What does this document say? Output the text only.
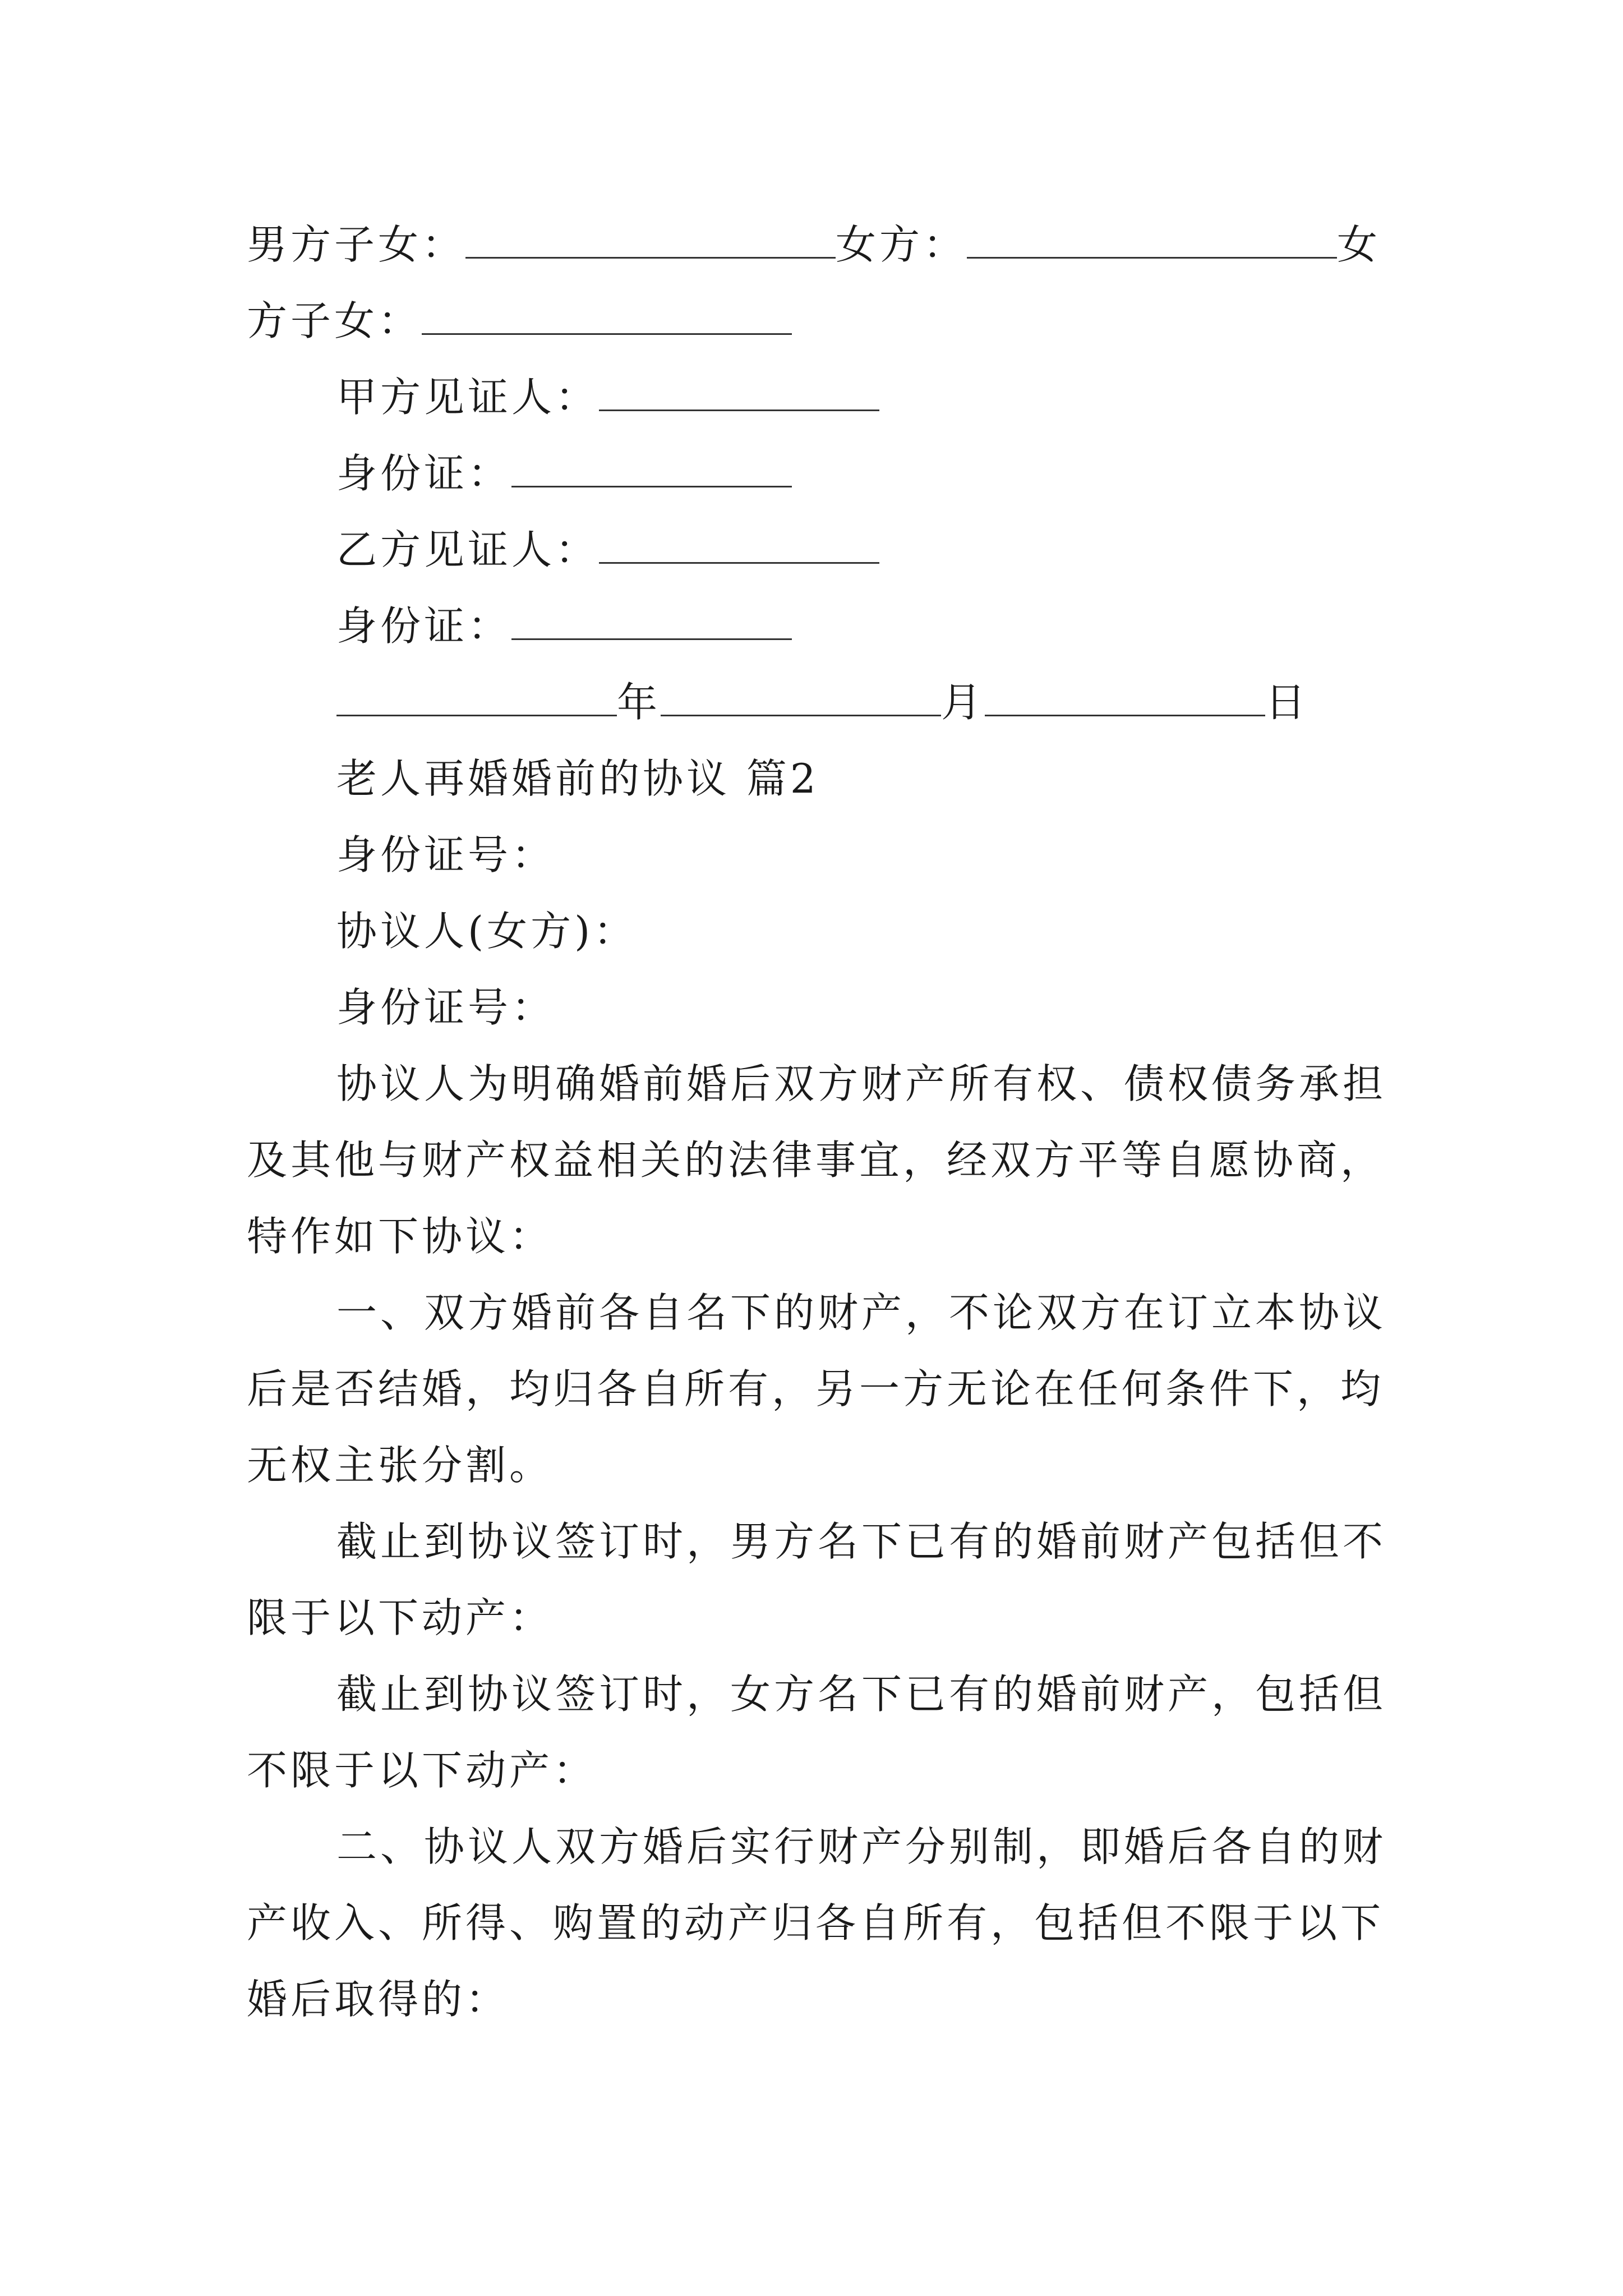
男方子女：	女方：	女
方子女：
甲方见证人：
身份证：
乙方见证人：
身份证：
年	月	日
老人再婚婚前的协议 篇2
身份证号：
协议人(女方)：
身份证号：
协议人为明确婚前婚后双方财产所有权、债权债务承担
及其他与财产权益相关的法律事宜，经双方平等自愿协商，
特作如下协议：
一、双方婚前各自名下的财产，不论双方在订立本协议
后是否结婚，均归各自所有，另一方无论在任何条件下，均
无权主张分割。
截止到协议签订时，男方名下已有的婚前财产包括但不
限于以下动产：
截止到协议签订时，女方名下已有的婚前财产，包括但
不限于以下动产：
二、协议人双方婚后实行财产分别制，即婚后各自的财
产收入、所得、购置的动产归各自所有，包括但不限于以下
婚后取得的：
